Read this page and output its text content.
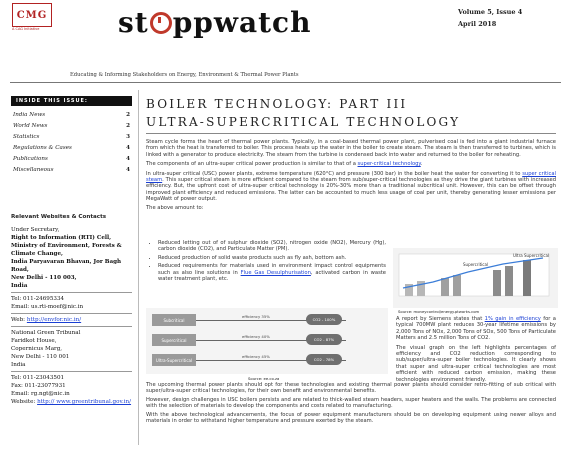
CMG
A CAG Initiative	st ppwatch	Volume 5, Issue 4
April 2018
Educating & Informing Stakeholders on Energy, Environment & Thermal Power Plants
INSIDE THIS ISSUE:
India News	2
World News	2
Statistics	3
Regulations & Cases	4
Publications	4
Miscellaneous	4
Relevant Websites & Contacts
Under Secretary,
Right to Information (RTI) Cell,
Ministry of Environment, Forests & Climate Change,
India Paryavaran Bhavan, Jor Bagh Road,
New Delhi - 110 003,
India
Tel: 011-24695334
Email: us.rti-moef@nic.in
Web: http://envfor.nic.in/
National Green Tribunal
Faridkot House,
Copernicus Marg,
New Delhi - 110 001
India
Tel: 011-23043501
Fax: 011-23077931
Email: rg.ngt@nic.in
Website: http:// www.greentribunal.gov.in/
BOILER TECHNOLOGY: PART III
ULTRA-SUPERCRITICAL TECHNOLOGY

Steam cycle forms the heart of thermal power plants. Typically, in a coal-based thermal power plant, pulverised coal is fed into a giant industrial furnace from which the heat is transferred to boiler. This process heats up the water in the boiler to create steam. The steam is then transferred to turbines, which is linked with a generator to produce electricity. The steam from the turbine is condensed back into water and returned to the boiler for reheating.

The components of an ultra-super critical power production is similar to that of a super-critical technology.

In ultra-super critical (USC) power plants, extreme temperature (620°C) and pressure (300 bar) in the boiler heat the water for converting it to super critical steam. This super critical steam is more efficient compared to the steam from sub/super-critical technologies as they drive the giant turbines with increased efficiency. But, the upfront cost of ultra-super critical technology is 20%-30% more than a traditional subcritical unit. However, this can be offset through improved plant efficiency and reduced emissions. The latter can be accounted to much less usage of coal per unit, thereby generating lesser emissions per MegaWatt of power output.

The above amount to:

• Reduced letting out of of sulphur dioxide (SO2), nitrogen oxide (NO2), Mercury (Hg), carbon dioxide (CO2), and Particulate Matter (PM).
• Reduced production of solid waste products such as fly ash, bottom ash.
• Reduced requirements for materials used in environment impact control equipments such as also line solutions in Flue Gas Desulphurisation, activated carbon in waste water treatment plant, etc.
Ultra Supercritical
Supercritical
Source: moneycontrol/energy.ptworks.com
Subcritical
Supercritical
Ultra-Supercritical
efficiency 35%
efficiency 40%
efficiency 45%
CO2 - 100%
CO2 - 87%
CO2 - 78%
Source: ee.co.za

A report by Siemens states that 1% gain in efficiency for a typical 700MW plant reduces 30-year lifetime emissions by 2,000 Tons of NOx, 2,000 Tons of SOx, 500 Tons of Particulate Matters and 2.5 million Tons of CO2.

The visual graph on the left highlights percentages of efficiency and CO2 reduction corresponding to sub/super/ultra-super boiler technologies. It clearly shows that super and ultra-super critical technologies are most efficient with reduced carbon emission, making these technologies environment friendly.

The upcoming thermal power plants should opt for these technologies and existing thermal power plants should consider retro-fitting of sub critical with super/ultra-super critical technologies, for their own benefit and environmental benefits.

However, design challenges in USC boilers persists and are related to thick-walled steam headers, super heaters and the walls. The problems are connected with the selection of materials to develop the components and costs related to manufacturing.

With the above technological advancements, the focus of power equipment manufacturers should be on developing equipment using newer alloys and materials in order to withstand higher temperature and pressure exerted by the steam.
